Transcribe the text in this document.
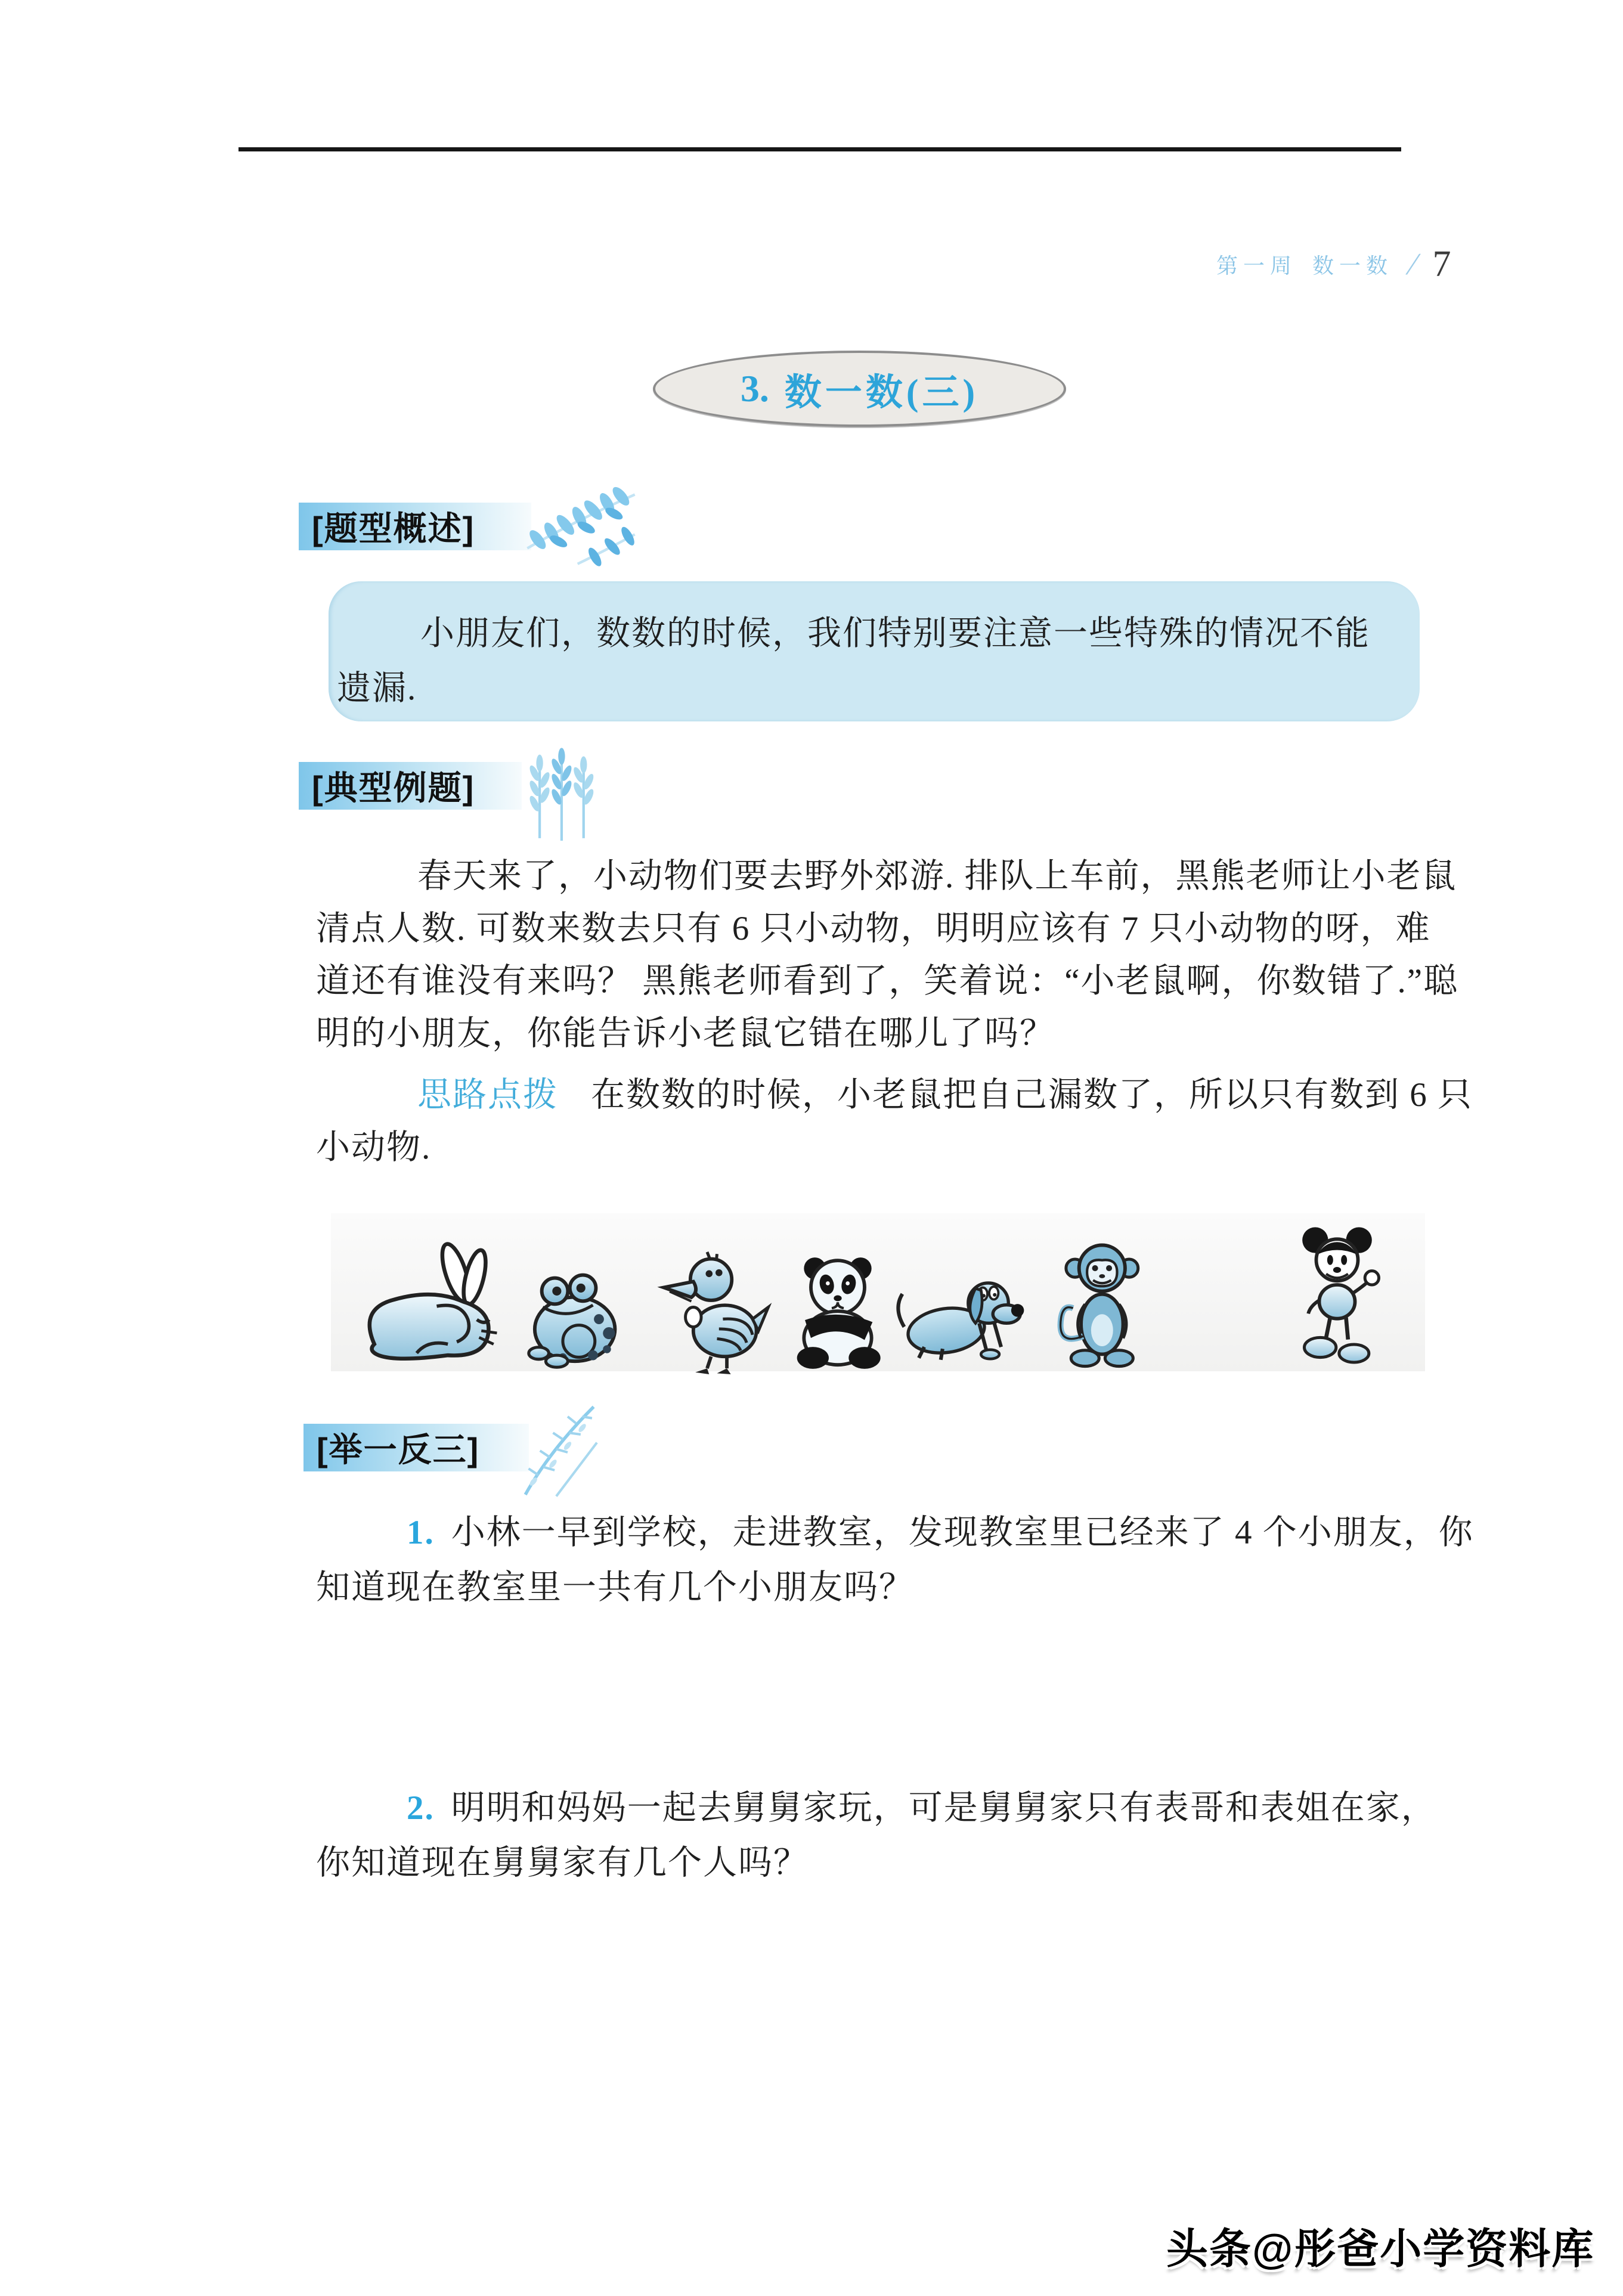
第一周 数一数 / 7
3. 数一数(三)
[题型概述]
小朋友们，数数的时候，我们特别要注意一些特殊的情况不能
遗漏.
[典型例题]
春天来了，小动物们要去野外郊游. 排队上车前，黑熊老师让小老鼠
清点人数. 可数来数去只有 6 只小动物，明明应该有 7 只小动物的呀，难
道还有谁没有来吗？ 黑熊老师看到了，笑着说：“小老鼠啊，你数错了.”聪
明的小朋友，你能告诉小老鼠它错在哪儿了吗？
思路点拨 在数数的时候，小老鼠把自己漏数了，所以只有数到 6 只
小动物.
[举一反三]
1. 小林一早到学校，走进教室，发现教室里已经来了 4 个小朋友，你
知道现在教室里一共有几个小朋友吗？
2. 明明和妈妈一起去舅舅家玩，可是舅舅家只有表哥和表姐在家，
你知道现在舅舅家有几个人吗？
头条@彤爸小学资料库
